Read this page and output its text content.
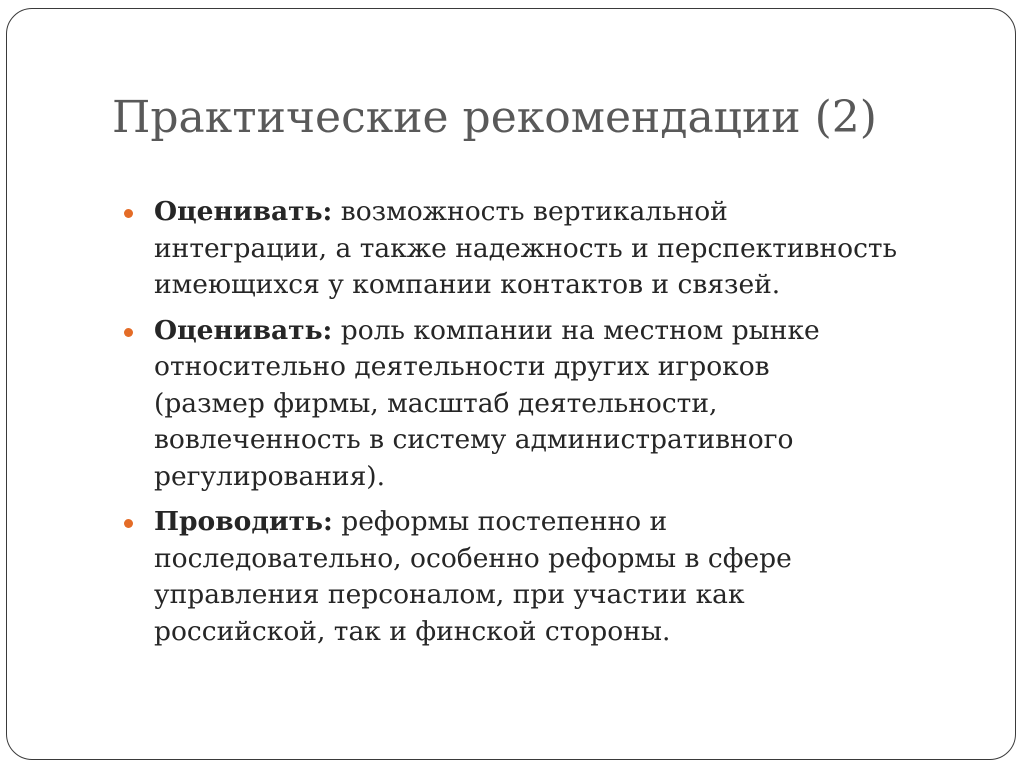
Практические рекомендации (2)
Оценивать: возможность вертикальной
интеграции, а также надежность и перспективность
имеющихся у компании контактов и связей.
Оценивать: роль компании на местном рынке
относительно деятельности других игроков
(размер фирмы, масштаб деятельности,
вовлеченность в систему административного
регулирования).
Проводить: реформы постепенно и
последовательно, особенно реформы в сфере
управления персоналом, при участии как
российской, так и финской стороны.
